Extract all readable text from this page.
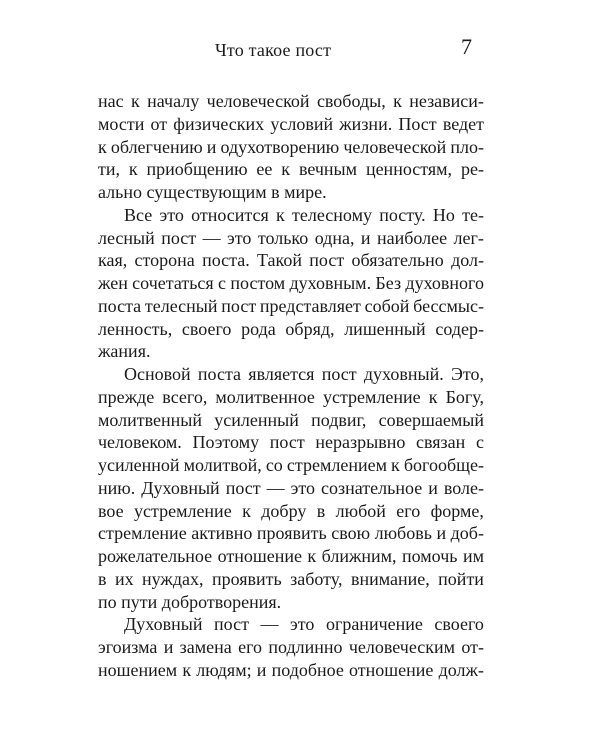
Что такое пост	7
нас к началу человеческой свободы, к независи-
мости от физических условий жизни. Пост ведет
к облегчению и одухотворению человеческой пло-
ти, к приобщению ее к вечным ценностям, ре-
ально существующим в мире.
Все это относится к телесному посту. Но те-
лесный пост — это только одна, и наиболее лег-
кая, сторона поста. Такой пост обязательно дол-
жен сочетаться с постом духовным. Без духовного
поста телесный пост представляет собой бессмыс-
ленность, своего рода обряд, лишенный содер-
жания.
Основой поста является пост духовный. Это,
прежде всего, молитвенное устремление к Богу,
молитвенный усиленный подвиг, совершаемый
человеком. Поэтому пост неразрывно связан с
усиленной молитвой, со стремлением к богообще-
нию. Духовный пост — это сознательное и воле-
вое устремление к добру в любой его форме,
стремление активно проявить свою любовь и доб-
рожелательное отношение к ближним, помочь им
в их нуждах, проявить заботу, внимание, пойти
по пути добротворения.
Духовный пост — это ограничение своего
эгоизма и замена его подлинно человеческим от-
ношением к людям; и подобное отношение долж-
